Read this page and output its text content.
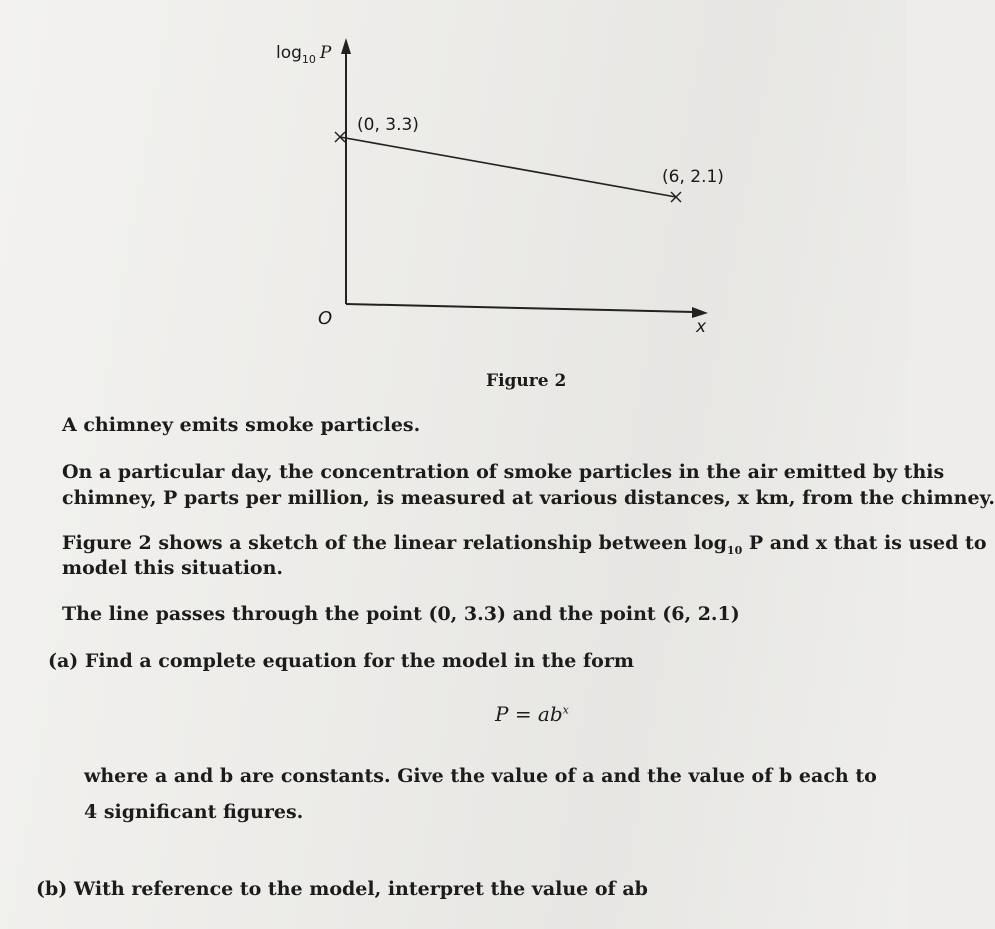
$\log_{10} P$
x
O
(0, 3.3)
(6, 2.1)
Figure 2

A chimney emits smoke particles.

On a particular day, the concentration of smoke particles in the air emitted by this

chimney, P parts per million, is measured at various distances, x km, from the chimney.

Figure 2 shows a sketch of the linear relationship between $\log_{10} P$ and x that is used to

model this situation.

The line passes through the point (0, 3.3) and the point (6, 2.1)

(a) Find a complete equation for the model in the form

$P = ab^x$

where a and b are constants. Give the value of a and the value of b each to

4 significant figures.

(b) With reference to the model, interpret the value of ab
